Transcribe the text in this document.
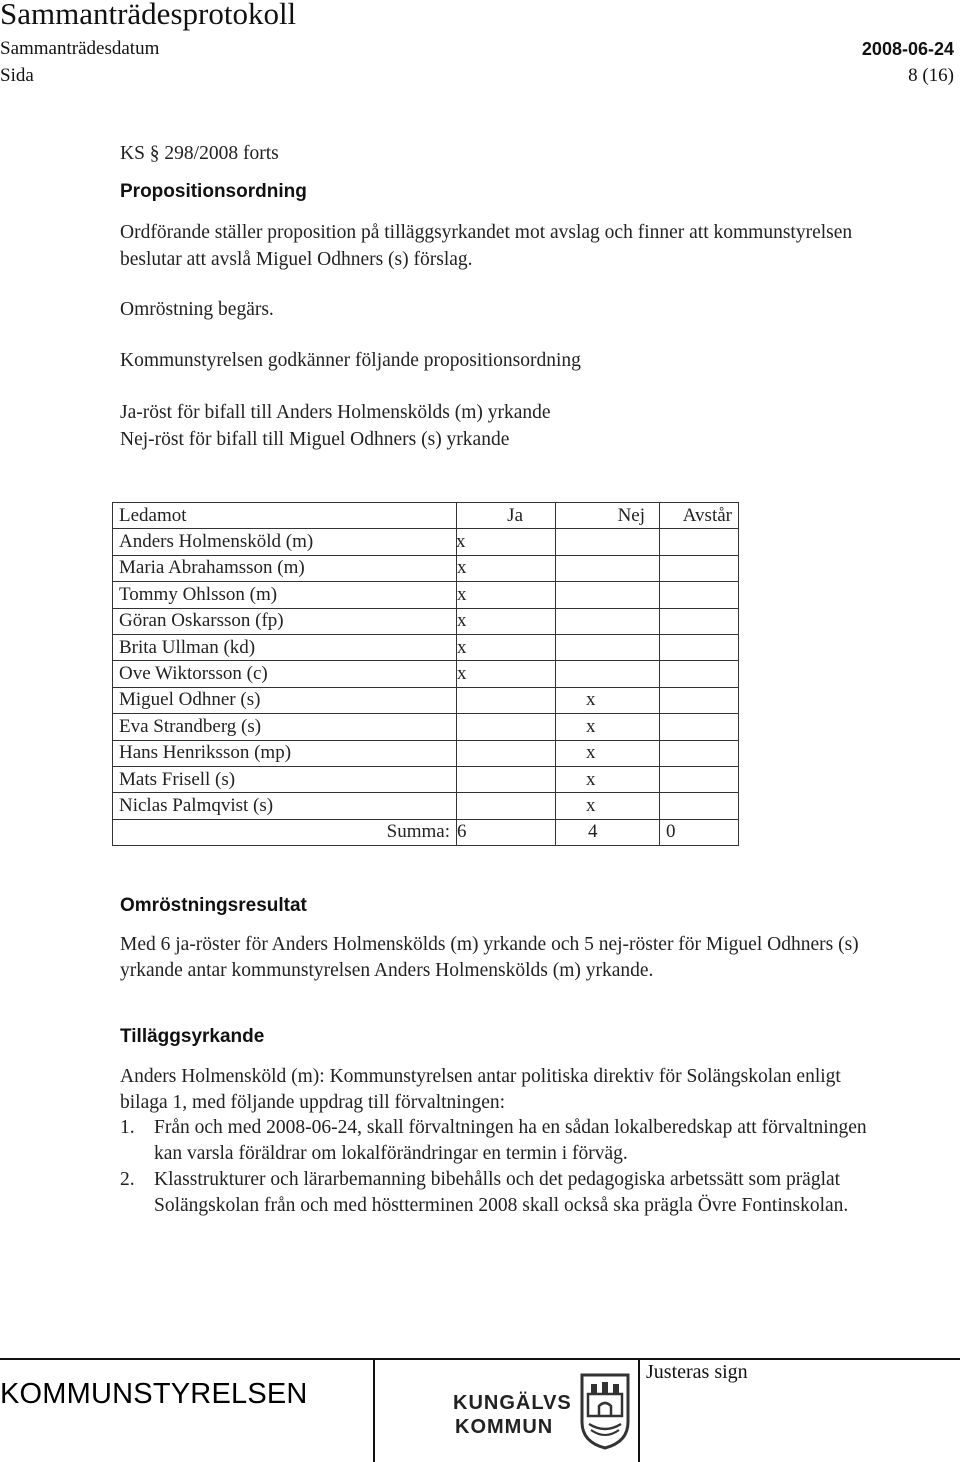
Sammanträdesprotokoll
Sammanträdesdatum	2008-06-24
Sida	8 (16)
KS § 298/2008 forts
Propositionsordning
Ordförande ställer proposition på tilläggsyrkandet mot avslag och finner att kommunstyrelsen
beslutar att avslå Miguel Odhners (s) förslag.
Omröstning begärs.
Kommunstyrelsen godkänner följande propositionsordning
Ja-röst för bifall till Anders Holmenskölds (m) yrkande
Nej-röst för bifall till Miguel Odhners (s) yrkande
Ledamot	Ja	Nej	Avstår
Anders Holmensköld (m)	x		
Maria Abrahamsson (m)	x		
Tommy Ohlsson (m)	x		
Göran Oskarsson (fp)	x		
Brita Ullman (kd)	x		
Ove Wiktorsson (c)	x		
Miguel Odhner (s)		x	
Eva Strandberg (s)		x	
Hans Henriksson (mp)		x	
Mats Frisell (s)		x	
Niclas Palmqvist (s)		x	
Summa:	6	4	0
Omröstningsresultat
Med 6 ja-röster för Anders Holmenskölds (m) yrkande och 5 nej-röster för Miguel Odhners (s)
yrkande antar kommunstyrelsen Anders Holmenskölds (m) yrkande.
Tilläggsyrkande
Anders Holmensköld (m): Kommunstyrelsen antar politiska direktiv för Solängskolan enligt
bilaga 1, med följande uppdrag till förvaltningen:
1. Från och med 2008-06-24, skall förvaltningen ha en sådan lokalberedskap att förvaltningen
kan varsla föräldrar om lokalförändringar en termin i förväg.
2. Klasstrukturer och lärarbemanning bibehålls och det pedagogiska arbetssätt som präglat
Solängskolan från och med höstterminen 2008 skall också ska prägla Övre Fontinskolan.
KOMMUNSTYRELSEN	KUNGÄLVS
KOMMUN
Justeras sign
